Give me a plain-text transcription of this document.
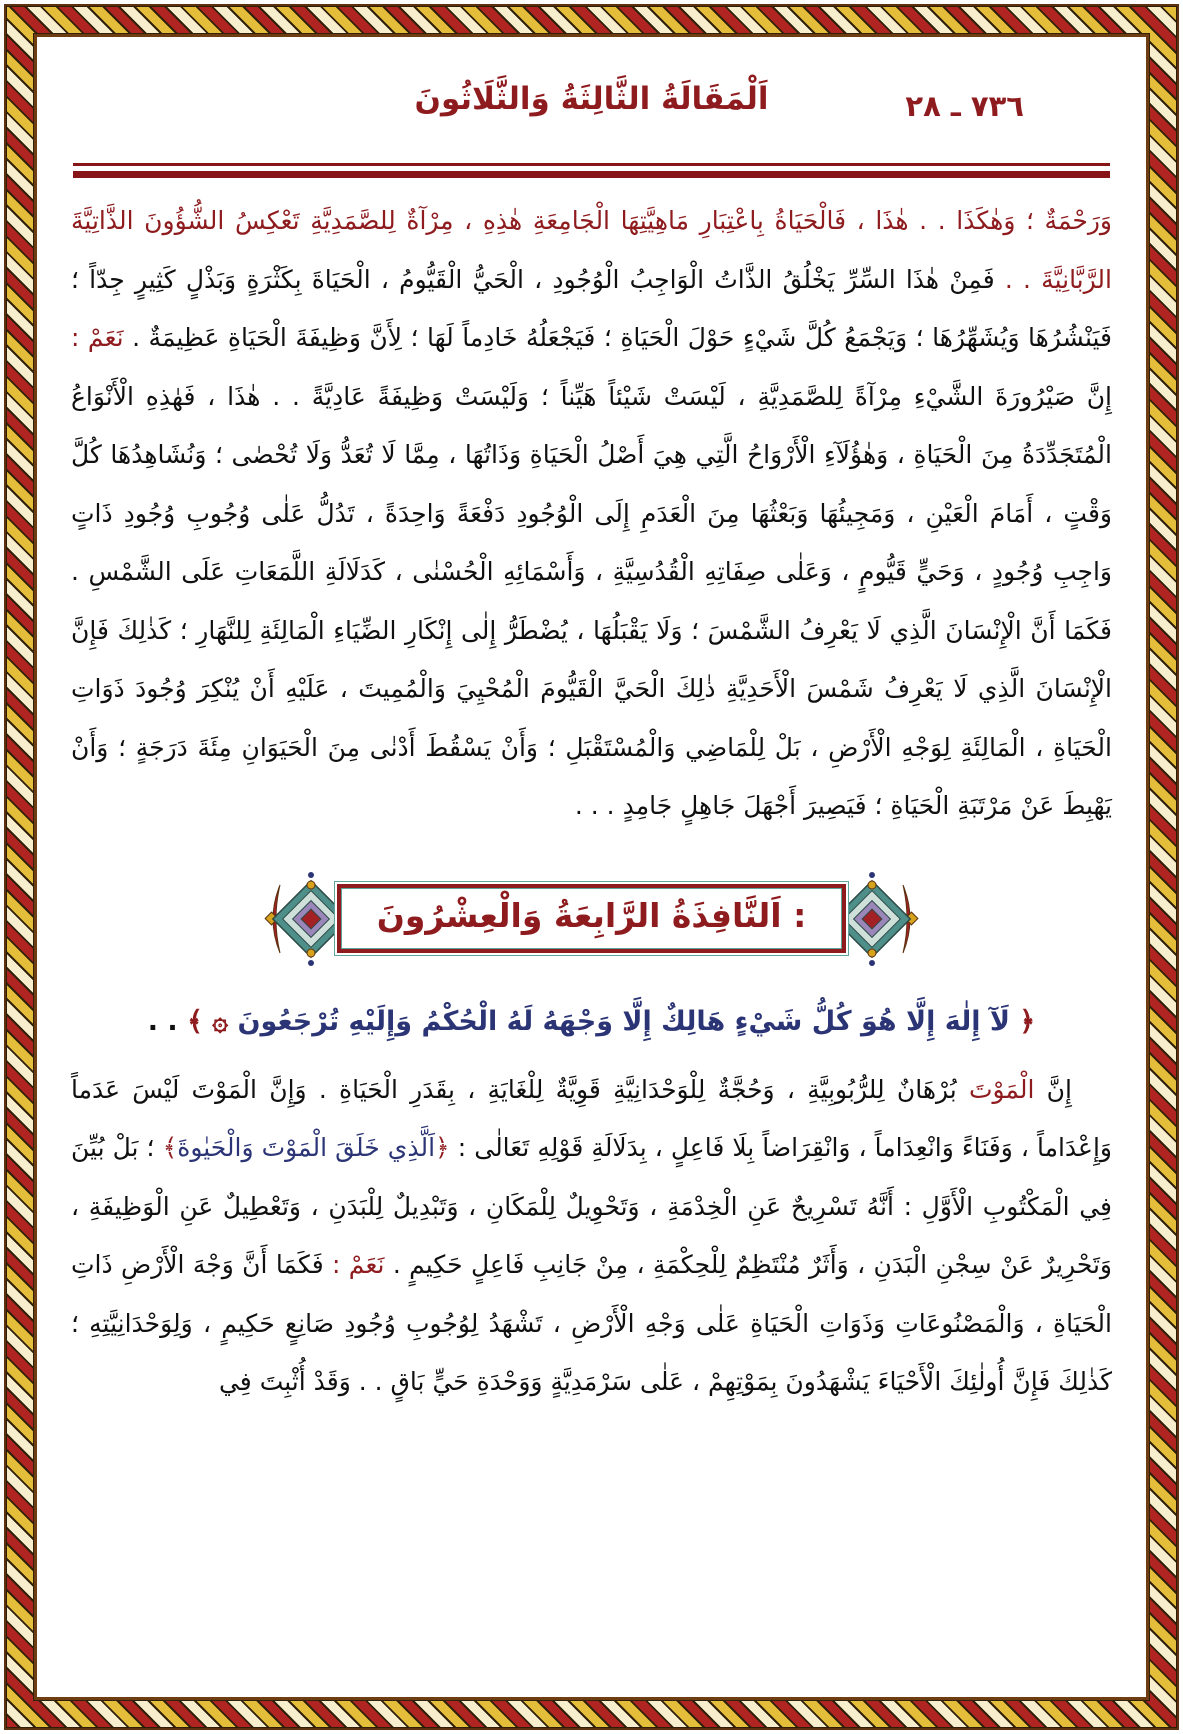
٧٣٦ ـ ٢٨
اَلْمَقَالَةُ الثَّالِثَةُ وَالثَّلَاثُونَ

وَرَحْمَةٌ ؛ وَهٰكَذَا . . هٰذَا ، فَالْحَيَاةُ بِاعْتِبَارِ مَاهِيَّتِهَا الْجَامِعَةِ هٰذِهِ ، مِرْآةٌ لِلصَّمَدِيَّةِ تَعْكِسُ الشُّؤُونَ الذَّاتِيَّةَ الرَّبَّانِيَّةَ . . فَمِنْ هٰذَا السِّرِّ يَخْلُقُ الذَّاتُ الْوَاجِبُ الْوُجُودِ ، الْحَيُّ الْقَيُّومُ ، الْحَيَاةَ بِكَثْرَةٍ وَبَذْلٍ كَثِيرٍ جِدّاً ؛ فَيَنْشُرُهَا وَيُشَهِّرُهَا ؛ وَيَجْمَعُ كُلَّ شَيْءٍ حَوْلَ الْحَيَاةِ ؛ فَيَجْعَلُهُ خَادِماً لَهَا ؛ لِأَنَّ وَظِيفَةَ الْحَيَاةِ عَظِيمَةٌ . نَعَمْ : إِنَّ صَيْرُورَةَ الشَّيْءِ مِرْآةً لِلصَّمَدِيَّةِ ، لَيْسَتْ شَيْئاً هَيِّناً ؛ وَلَيْسَتْ وَظِيفَةً عَادِيَّةً . . هٰذَا ، فَهٰذِهِ الْأَنْوَاعُ الْمُتَجَدِّدَةُ مِنَ الْحَيَاةِ ، وَهٰؤُلَآءِ الْأَرْوَاحُ الَّتِي هِيَ أَصْلُ الْحَيَاةِ وَذَاتُهَا ، مِمَّا لَا تُعَدُّ وَلَا تُحْصٰى ؛ وَنُشَاهِدُهَا كُلَّ وَقْتٍ ، أَمَامَ الْعَيْنِ ، وَمَجِيئُهَا وَبَعْثُهَا مِنَ الْعَدَمِ إِلَى الْوُجُودِ دَفْعَةً وَاحِدَةً ، تَدُلُّ عَلٰى وُجُوبِ وُجُودِ ذَاتٍ وَاجِبِ وُجُودٍ ، وَحَيٍّ قَيُّومٍ ، وَعَلٰى صِفَاتِهِ الْقُدُسِيَّةِ ، وَأَسْمَائِهِ الْحُسْنٰى ، كَدَلَالَةِ اللَّمَعَاتِ عَلَى الشَّمْسِ . فَكَمَا أَنَّ الْإِنْسَانَ الَّذِي لَا يَعْرِفُ الشَّمْسَ ؛ وَلَا يَقْبَلُهَا ، يُضْطَرُّ إِلٰى إِنْكَارِ الضِّيَاءِ الْمَالِئَةِ لِلنَّهَارِ ؛ كَذٰلِكَ فَإِنَّ الْإِنْسَانَ الَّذِي لَا يَعْرِفُ شَمْسَ الْأَحَدِيَّةِ ذٰلِكَ الْحَيَّ الْقَيُّومَ الْمُحْيِيَ وَالْمُمِيتَ ، عَلَيْهِ أَنْ يُنْكِرَ وُجُودَ ذَوَاتِ الْحَيَاةِ ، الْمَالِئَةِ لِوَجْهِ الْأَرْضِ ، بَلْ لِلْمَاضِي وَالْمُسْتَقْبَلِ ؛ وَأَنْ يَسْقُطَ أَدْنٰى مِنَ الْحَيَوَانِ مِئَةَ دَرَجَةٍ ؛ وَأَنْ يَهْبِطَ عَنْ مَرْتَبَةِ الْحَيَاةِ ؛ فَيَصِيرَ أَجْهَلَ جَاهِلٍ جَامِدٍ . . .

اَلنَّافِذَةُ الرَّابِعَةُ وَالْعِشْرُونَ :

﴿ لَآ إِلٰهَ إِلَّا هُوَ كُلُّ شَيْءٍ هَالِكٌ إِلَّا وَجْهَهُ لَهُ الْحُكْمُ وَإِلَيْهِ تُرْجَعُونَ ۞ ﴾ . .

إِنَّ الْمَوْتَ بُرْهَانٌ لِلرُّبُوبِيَّةِ ، وَحُجَّةٌ لِلْوَحْدَانِيَّةِ قَوِيَّةٌ لِلْغَايَةِ ، بِقَدَرِ الْحَيَاةِ . وَإِنَّ الْمَوْتَ لَيْسَ عَدَماً وَإِعْدَاماً ، وَفَنَاءً وَانْعِدَاماً ، وَانْقِرَاضاً بِلَا فَاعِلٍ ، بِدَلَالَةِ قَوْلِهِ تَعَالٰى : ﴿اَلَّذِي خَلَقَ الْمَوْتَ وَالْحَيٰوةَ﴾ ؛ بَلْ بُيِّنَ فِي الْمَكْتُوبِ الْأَوَّلِ : أَنَّهُ تَسْرِيحٌ عَنِ الْخِدْمَةِ ، وَتَحْوِيلٌ لِلْمَكَانِ ، وَتَبْدِيلٌ لِلْبَدَنِ ، وَتَعْطِيلٌ عَنِ الْوَظِيفَةِ ، وَتَحْرِيرٌ عَنْ سِجْنِ الْبَدَنِ ، وَأَثَرٌ مُنْتَظِمٌ لِلْحِكْمَةِ ، مِنْ جَانِبِ فَاعِلٍ حَكِيمٍ . نَعَمْ : فَكَمَا أَنَّ وَجْهَ الْأَرْضِ ذَاتِ الْحَيَاةِ ، وَالْمَصْنُوعَاتِ وَذَوَاتِ الْحَيَاةِ عَلٰى وَجْهِ الْأَرْضِ ، تَشْهَدُ لِوُجُوبِ وُجُودِ صَانِعٍ حَكِيمٍ ، وَلِوَحْدَانِيَّتِهِ ؛ كَذٰلِكَ فَإِنَّ أُولٰئِكَ الْأَحْيَاءَ يَشْهَدُونَ بِمَوْتِهِمْ ، عَلٰى سَرْمَدِيَّةٍ وَوَحْدَةِ حَيٍّ بَاقٍ . . وَقَدْ أُثْبِتَ فِي
